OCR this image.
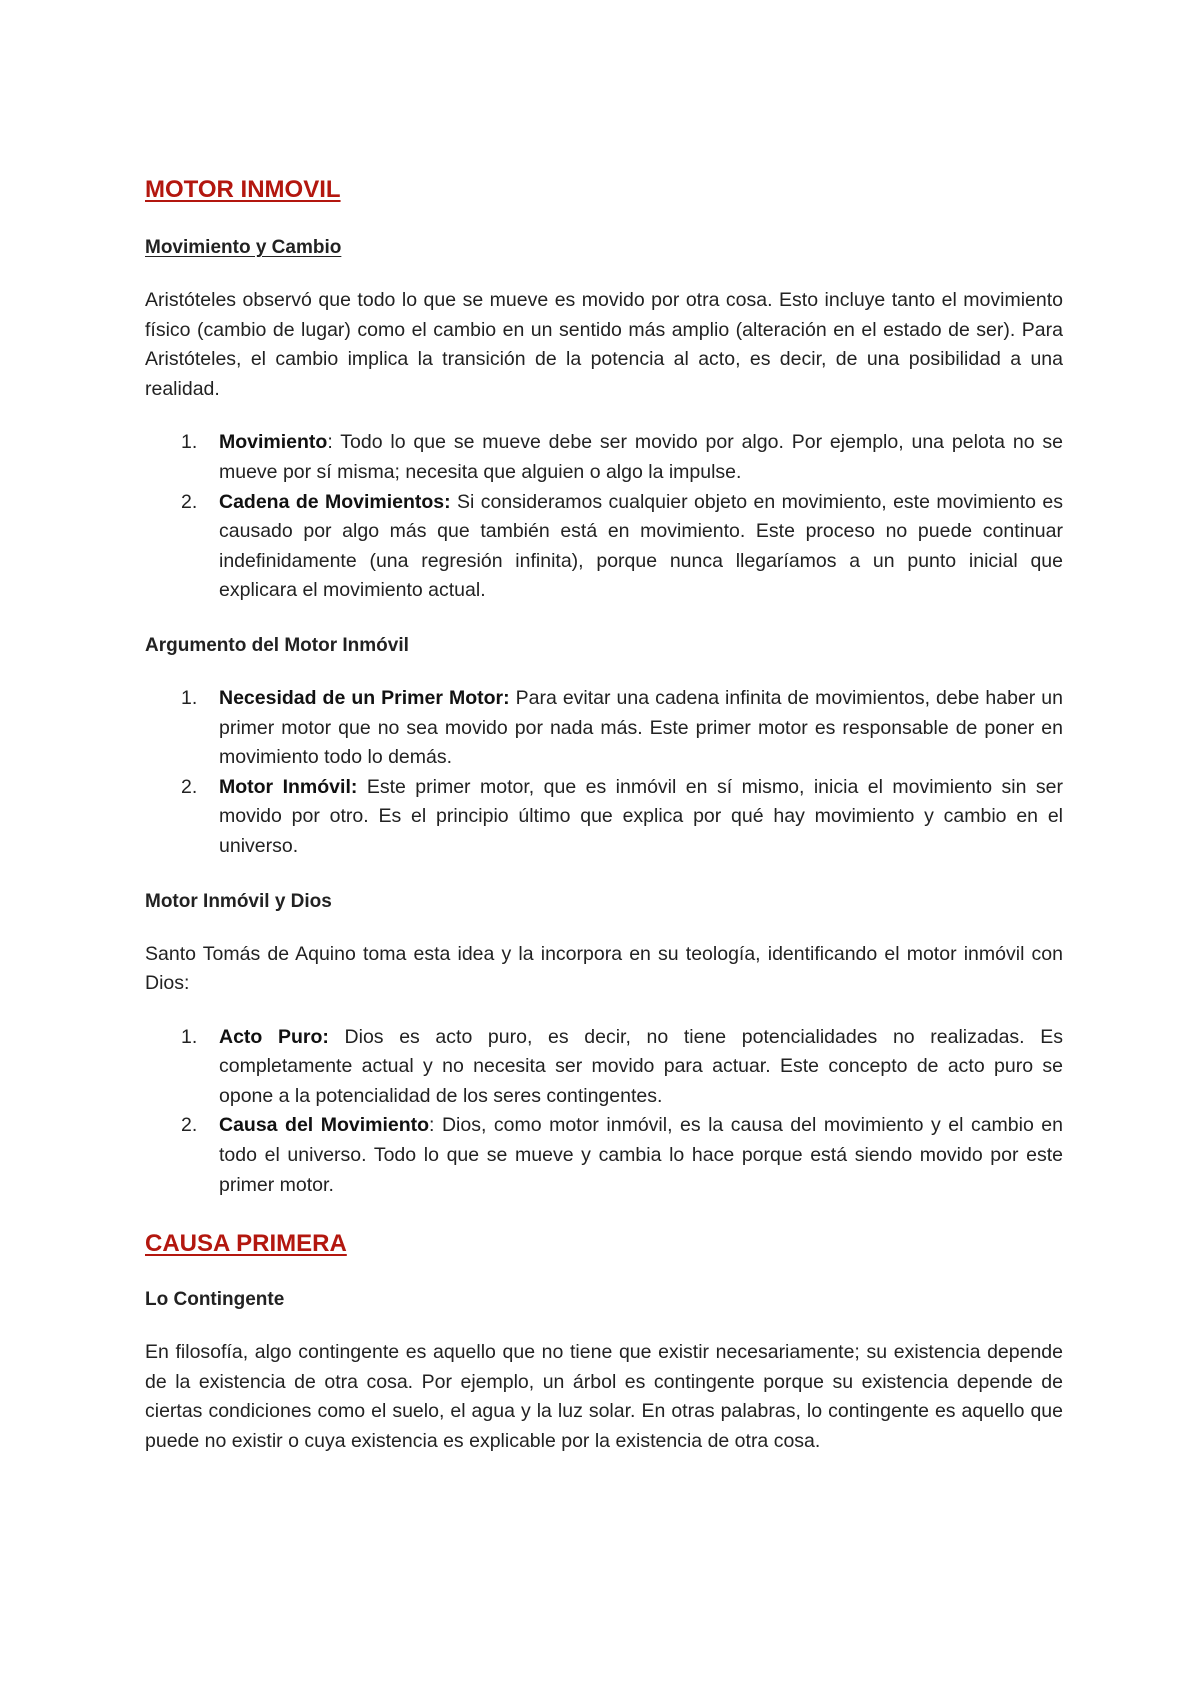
MOTOR INMOVIL
Movimiento y Cambio

Aristóteles observó que todo lo que se mueve es movido por otra cosa. Esto incluye tanto el movimiento físico (cambio de lugar) como el cambio en un sentido más amplio (alteración en el estado de ser). Para Aristóteles, el cambio implica la transición de la potencia al acto, es decir, de una posibilidad a una realidad.

1. Movimiento: Todo lo que se mueve debe ser movido por algo. Por ejemplo, una pelota no se mueve por sí misma; necesita que alguien o algo la impulse.
2. Cadena de Movimientos: Si consideramos cualquier objeto en movimiento, este movimiento es causado por algo más que también está en movimiento. Este proceso no puede continuar indefinidamente (una regresión infinita), porque nunca llegaríamos a un punto inicial que explicara el movimiento actual.
Argumento del Motor Inmóvil
1. Necesidad de un Primer Motor: Para evitar una cadena infinita de movimientos, debe haber un primer motor que no sea movido por nada más. Este primer motor es responsable de poner en movimiento todo lo demás.
2. Motor Inmóvil: Este primer motor, que es inmóvil en sí mismo, inicia el movimiento sin ser movido por otro. Es el principio último que explica por qué hay movimiento y cambio en el universo.
Motor Inmóvil y Dios

Santo Tomás de Aquino toma esta idea y la incorpora en su teología, identificando el motor inmóvil con Dios:

1. Acto Puro: Dios es acto puro, es decir, no tiene potencialidades no realizadas. Es completamente actual y no necesita ser movido para actuar. Este concepto de acto puro se opone a la potencialidad de los seres contingentes.
2. Causa del Movimiento: Dios, como motor inmóvil, es la causa del movimiento y el cambio en todo el universo. Todo lo que se mueve y cambia lo hace porque está siendo movido por este primer motor.
CAUSA PRIMERA
Lo Contingente

En filosofía, algo contingente es aquello que no tiene que existir necesariamente; su existencia depende de la existencia de otra cosa. Por ejemplo, un árbol es contingente porque su existencia depende de ciertas condiciones como el suelo, el agua y la luz solar. En otras palabras, lo contingente es aquello que puede no existir o cuya existencia es explicable por la existencia de otra cosa.
